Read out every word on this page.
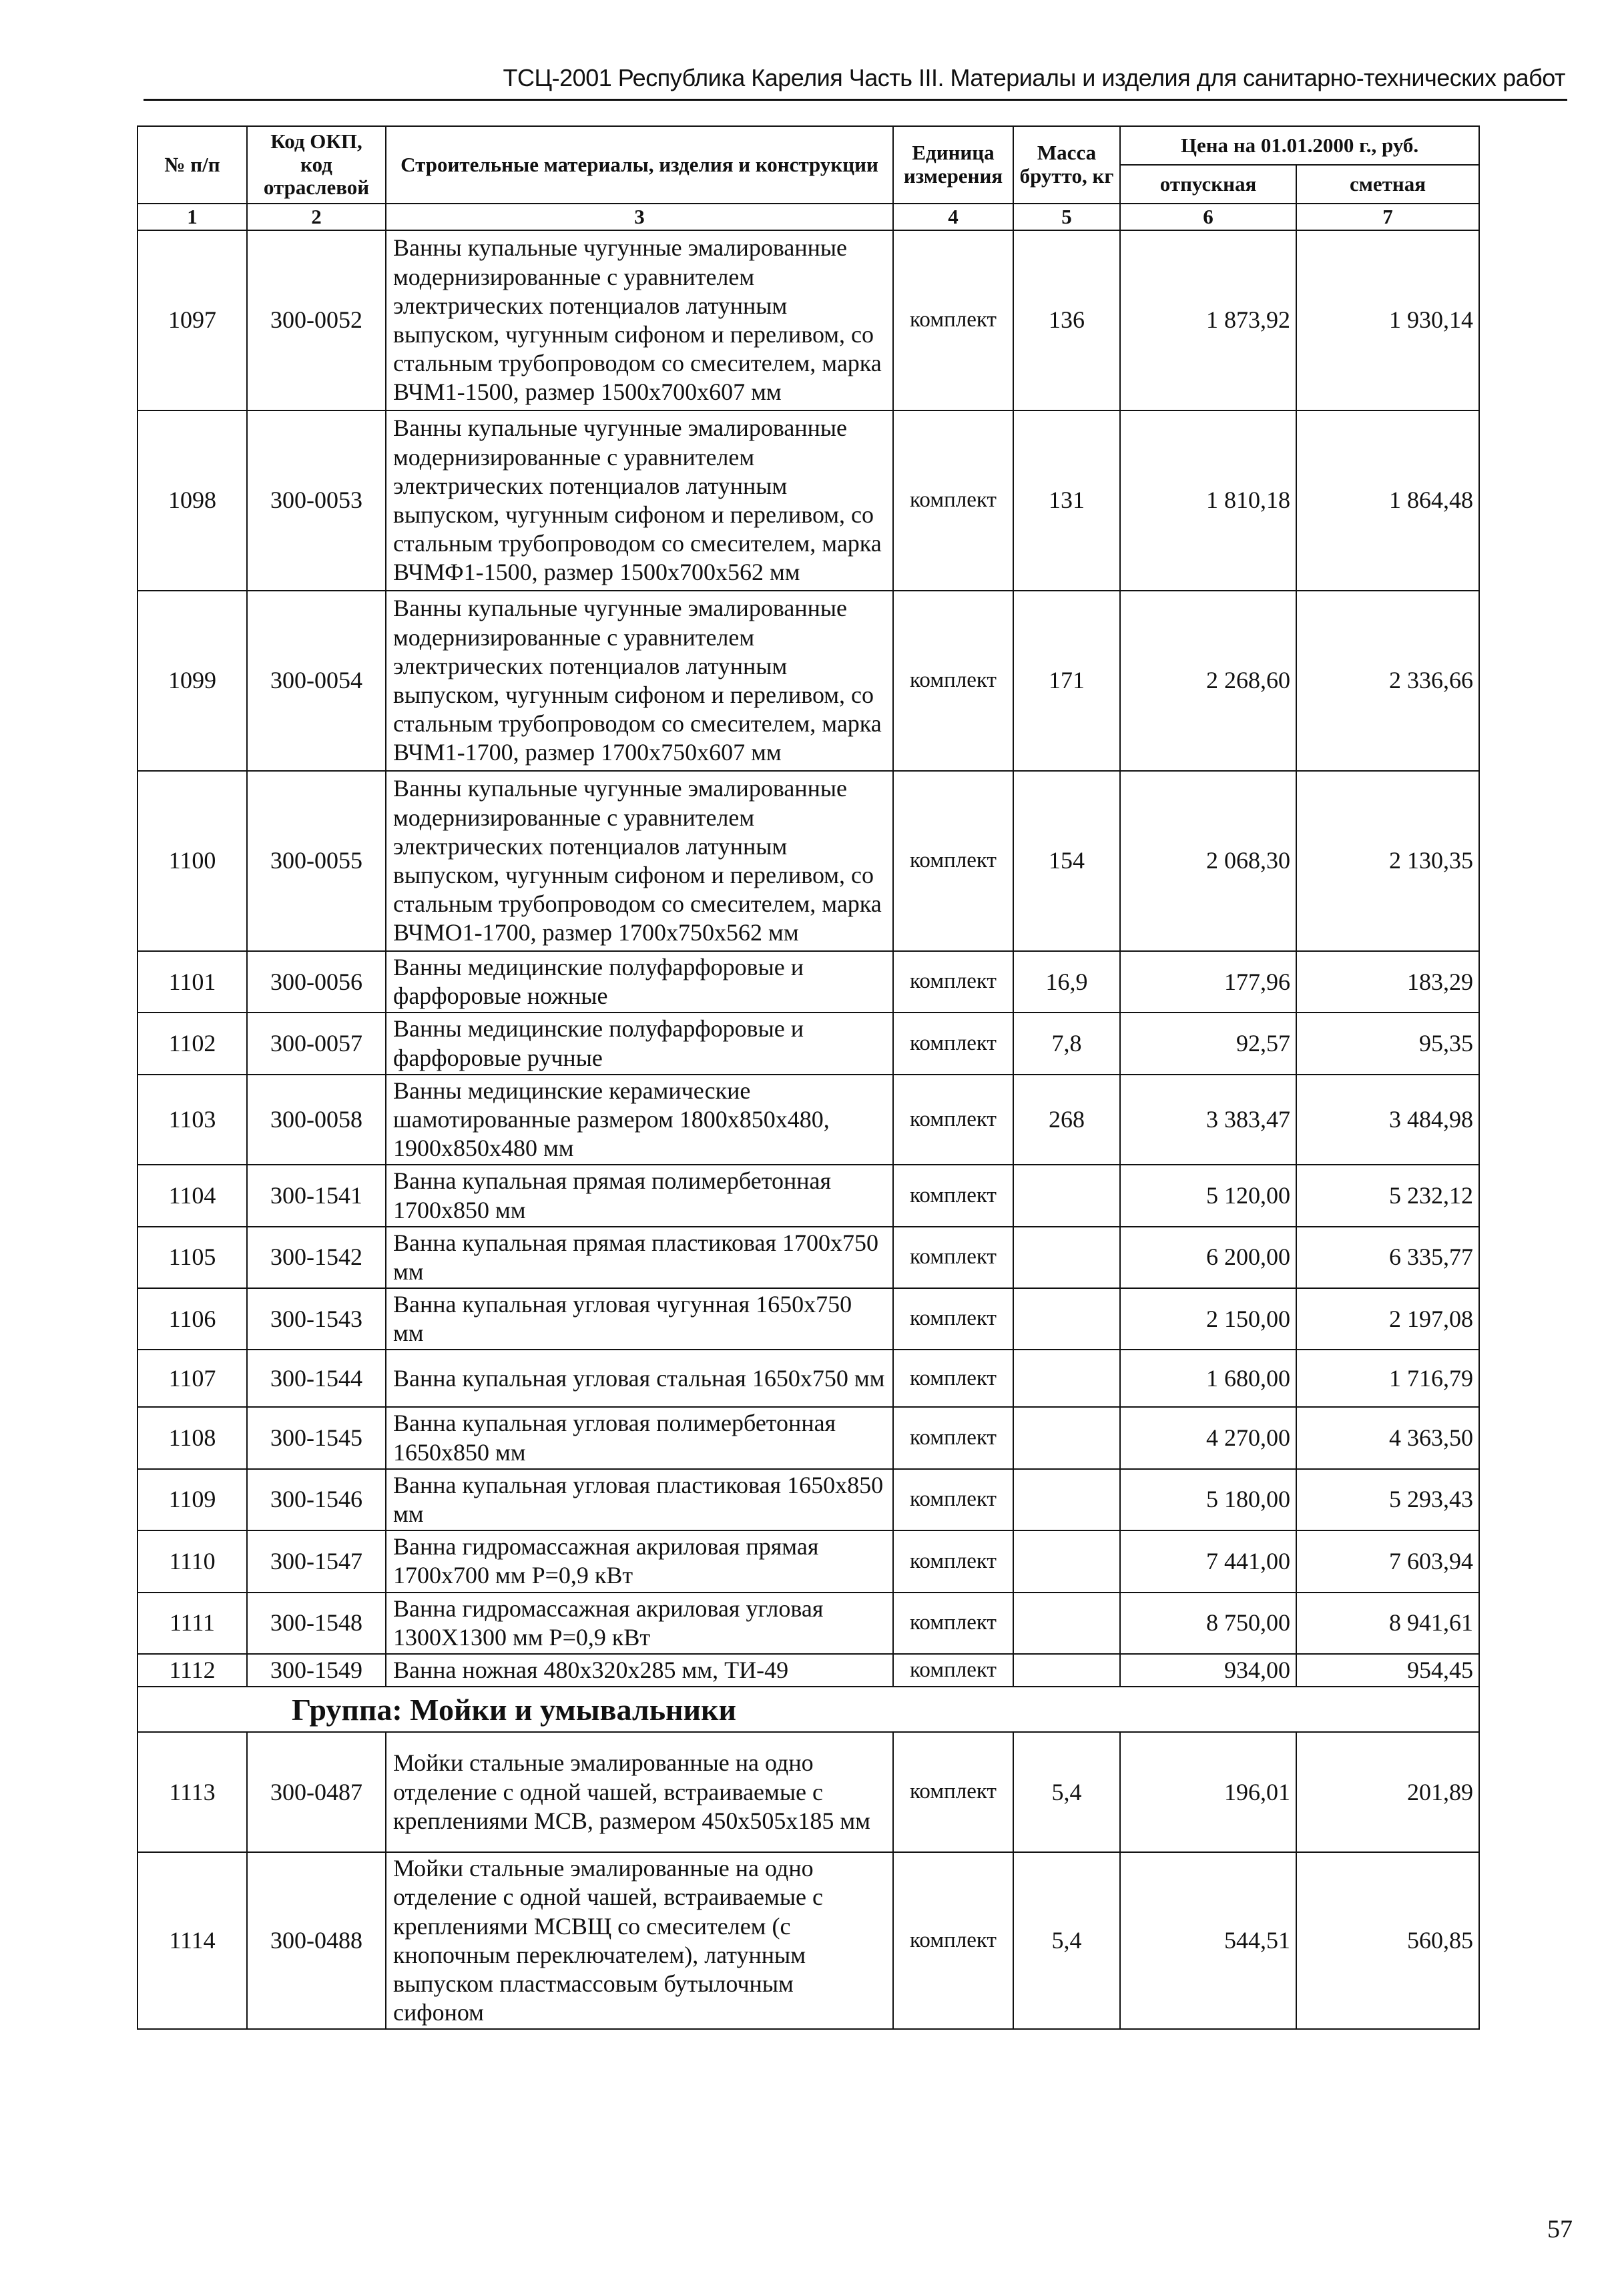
ТСЦ-2001 Республика Карелия Часть III. Материалы и изделия для санитарно-технических работ
№ п/п	Код ОКП, код отраслевой	Строительные материалы, изделия и конструкции	Единица измерения	Масса брутто, кг	Цена на 01.01.2000 г., руб.	
					отпускная	сметная
1	2	3	4	5	6	7
1097	300-0052	Ванны купальные чугунные эмалированные модернизированные с уравнителем электрических потенциалов латунным выпуском, чугунным сифоном и переливом, со стальным трубопроводом со смесителем, марка ВЧМ1-1500, размер 1500х700х607 мм	комплект	136	1 873,92	1 930,14
1098	300-0053	Ванны купальные чугунные эмалированные модернизированные с уравнителем электрических потенциалов латунным выпуском, чугунным сифоном и переливом, со стальным трубопроводом со смесителем, марка ВЧМФ1-1500, размер 1500х700х562 мм	комплект	131	1 810,18	1 864,48
1099	300-0054	Ванны купальные чугунные эмалированные модернизированные с уравнителем электрических потенциалов латунным выпуском, чугунным сифоном и переливом, со стальным трубопроводом со смесителем, марка ВЧМ1-1700, размер 1700х750х607 мм	комплект	171	2 268,60	2 336,66
1100	300-0055	Ванны купальные чугунные эмалированные модернизированные с уравнителем электрических потенциалов латунным выпуском, чугунным сифоном и переливом, со стальным трубопроводом со смесителем, марка ВЧМО1-1700, размер 1700х750х562 мм	комплект	154	2 068,30	2 130,35
1101	300-0056	Ванны медицинские полуфарфоровые и фарфоровые ножные	комплект	16,9	177,96	183,29
1102	300-0057	Ванны медицинские полуфарфоровые и фарфоровые ручные	комплект	7,8	92,57	95,35
1103	300-0058	Ванны медицинские керамические шамотированные размером 1800х850х480, 1900х850х480 мм	комплект	268	3 383,47	3 484,98
1104	300-1541	Ванна купальная прямая полимербетонная 1700х850 мм	комплект		5 120,00	5 232,12
1105	300-1542	Ванна купальная прямая пластиковая 1700х750 мм	комплект		6 200,00	6 335,77
1106	300-1543	Ванна купальная угловая чугунная 1650х750 мм	комплект		2 150,00	2 197,08
1107	300-1544	Ванна купальная угловая стальная 1650х750 мм	комплект		1 680,00	1 716,79
1108	300-1545	Ванна купальная угловая полимербетонная 1650х850 мм	комплект		4 270,00	4 363,50
1109	300-1546	Ванна купальная угловая пластиковая 1650х850 мм	комплект		5 180,00	5 293,43
1110	300-1547	Ванна гидромассажная акриловая прямая 1700х700 мм Р=0,9 кВт	комплект		7 441,00	7 603,94
1111	300-1548	Ванна гидромассажная акриловая угловая 1300Х1300 мм Р=0,9 кВт	комплект		8 750,00	8 941,61
1112	300-1549	Ванна ножная 480х320х285 мм, ТИ-49	комплект		934,00	954,45
Группа: Мойки и умывальники						
1113	300-0487	Мойки стальные эмалированные на одно отделение с одной чашей, встраиваемые с креплениями МСВ, размером 450х505х185 мм	комплект	5,4	196,01	201,89
1114	300-0488	Мойки стальные эмалированные на одно отделение с одной чашей, встраиваемые с креплениями МСВЩ со смесителем (с кнопочным переключателем), латунным выпуском пластмассовым бутылочным сифоном	комплект	5,4	544,51	560,85
57
